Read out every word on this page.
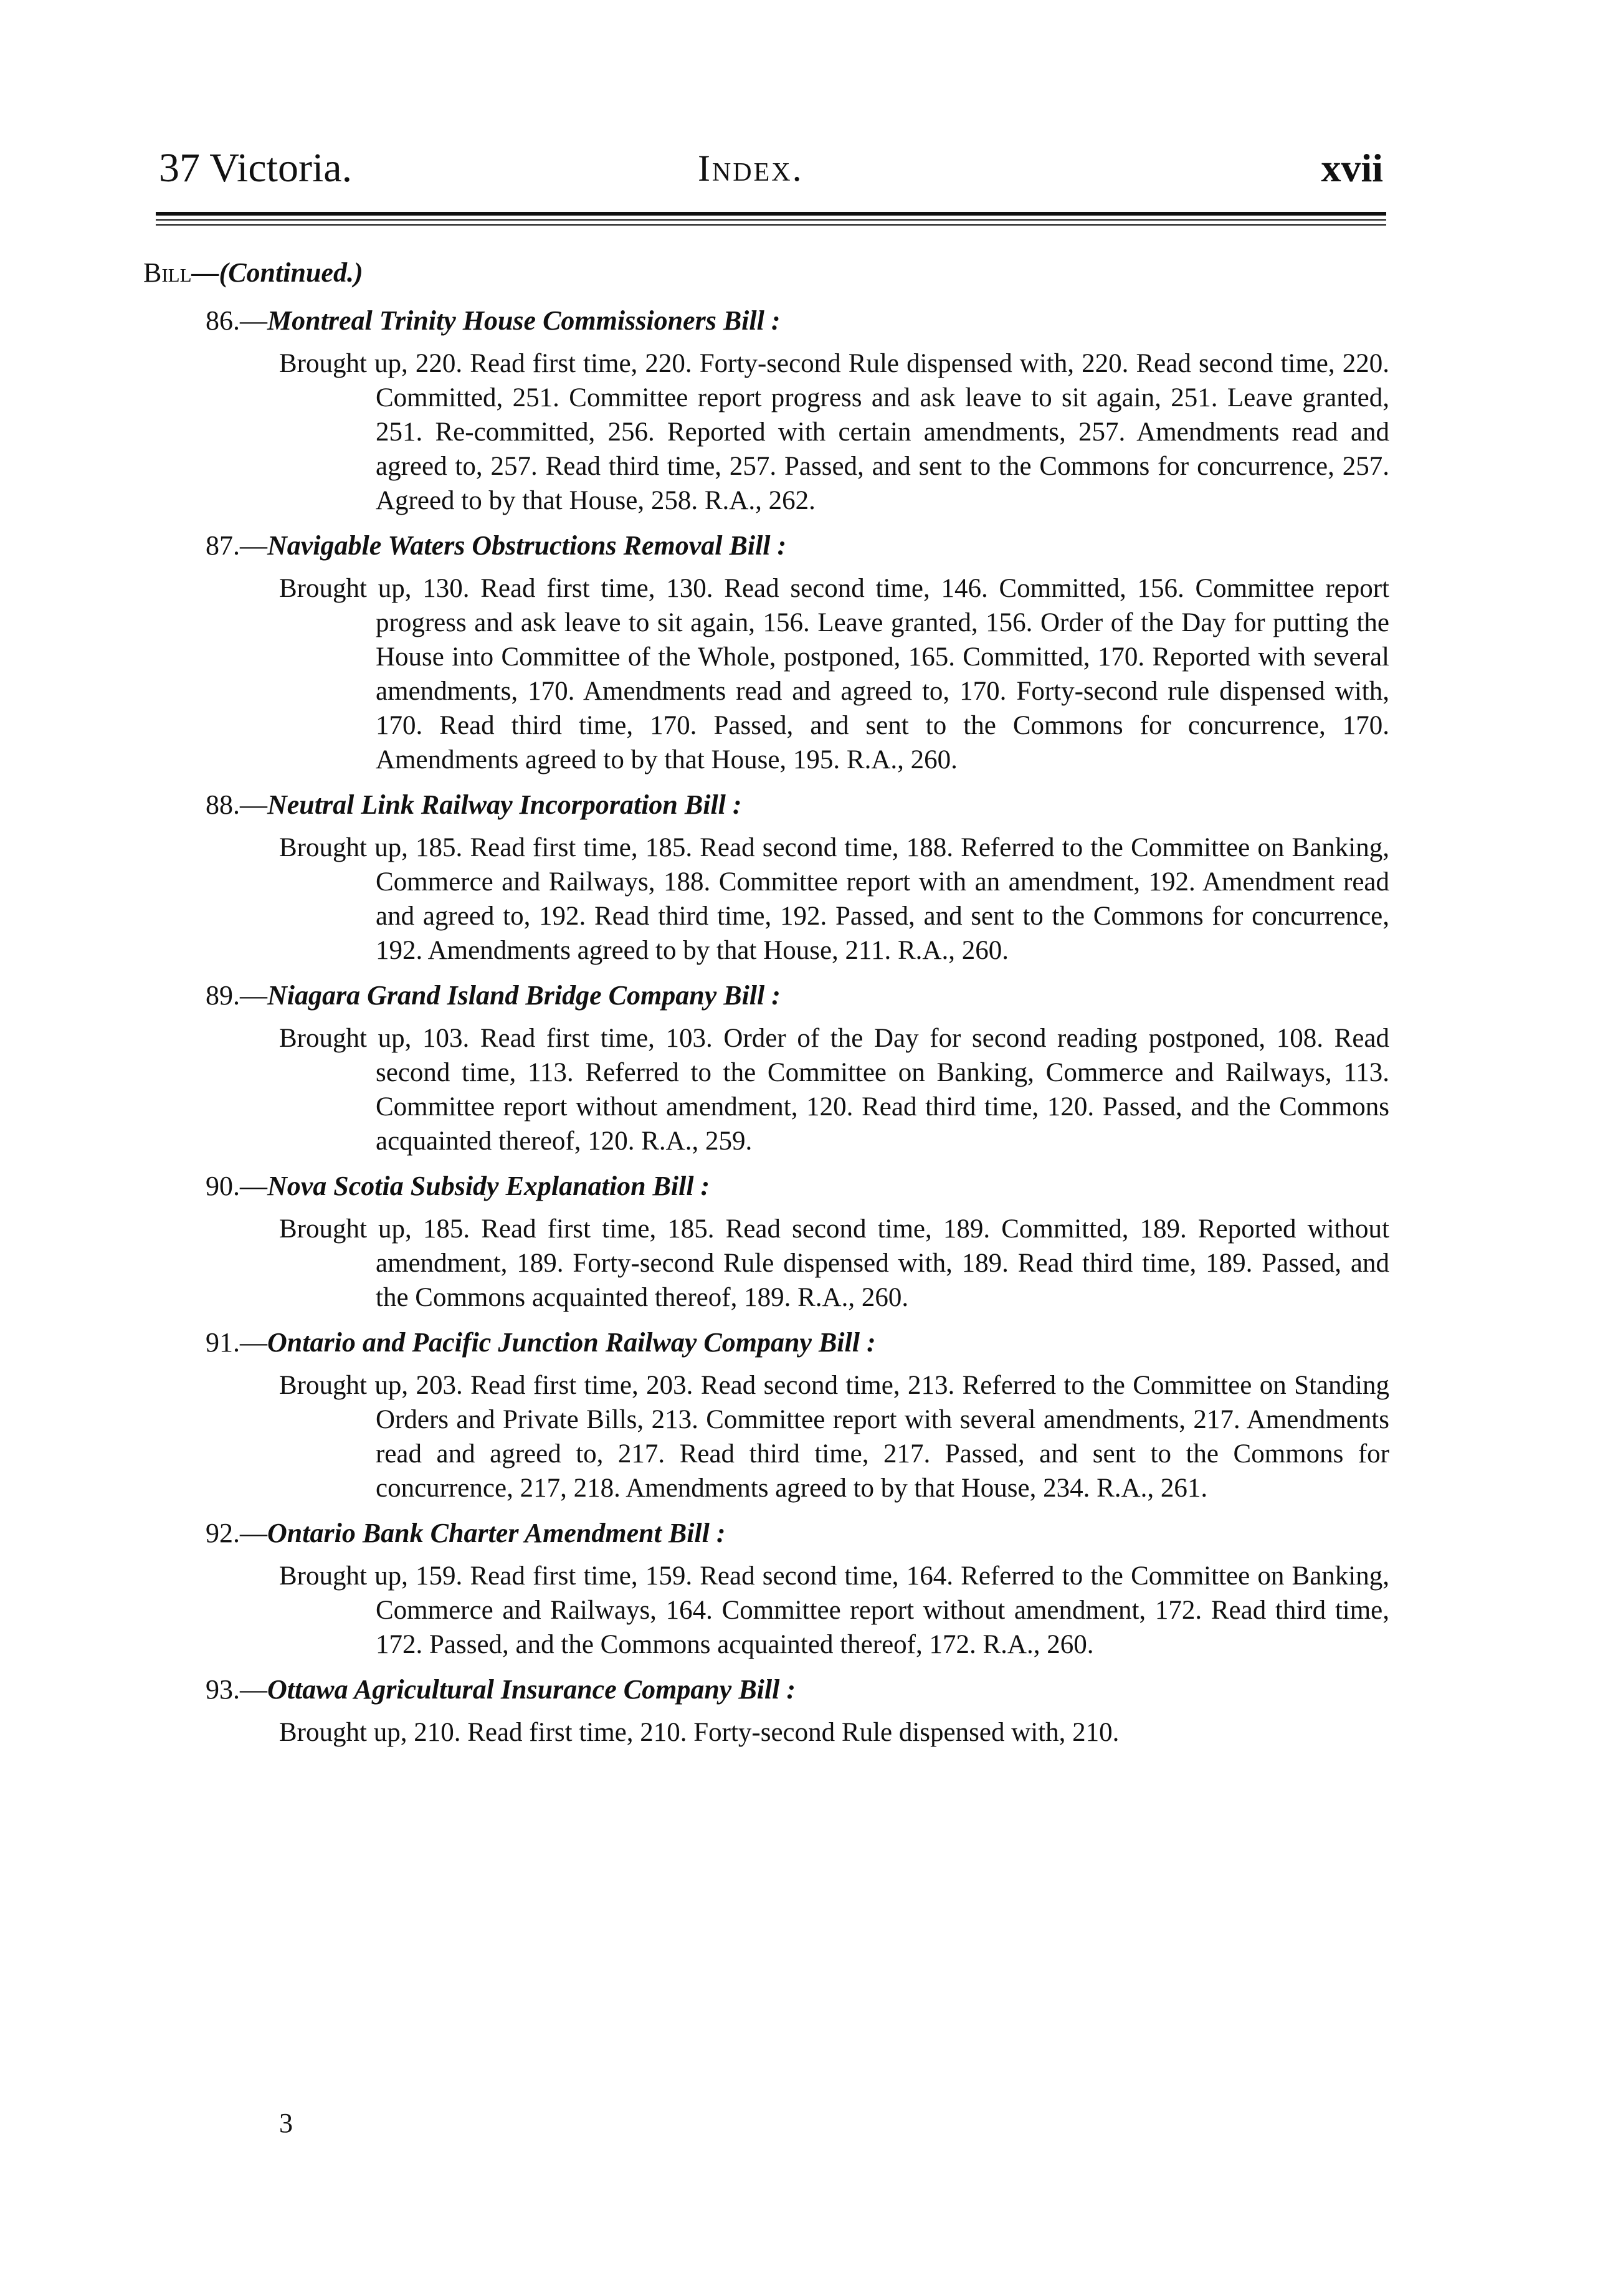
37 Victoria.	Index.	xvii
Bill—(Continued.)
86.—Montreal Trinity House Commissioners Bill :
Brought up, 220. Read first time, 220. Forty-second Rule dispensed with, 220. Read second time, 220. Committed, 251. Committee report progress and ask leave to sit again, 251. Leave granted, 251. Re-committed, 256. Reported with certain amendments, 257. Amendments read and agreed to, 257. Read third time, 257. Passed, and sent to the Commons for concurrence, 257. Agreed to by that House, 258. R.A., 262.
87.—Navigable Waters Obstructions Removal Bill :
Brought up, 130. Read first time, 130. Read second time, 146. Committed, 156. Committee report progress and ask leave to sit again, 156. Leave granted, 156. Order of the Day for putting the House into Committee of the Whole, postponed, 165. Committed, 170. Reported with several amendments, 170. Amendments read and agreed to, 170. Forty-second rule dispensed with, 170. Read third time, 170. Passed, and sent to the Commons for concurrence, 170. Amendments agreed to by that House, 195. R.A., 260.
88.—Neutral Link Railway Incorporation Bill :
Brought up, 185. Read first time, 185. Read second time, 188. Referred to the Committee on Banking, Commerce and Railways, 188. Committee report with an amendment, 192. Amendment read and agreed to, 192. Read third time, 192. Passed, and sent to the Commons for concurrence, 192. Amendments agreed to by that House, 211. R.A., 260.
89.—Niagara Grand Island Bridge Company Bill :
Brought up, 103. Read first time, 103. Order of the Day for second reading postponed, 108. Read second time, 113. Referred to the Committee on Banking, Commerce and Railways, 113. Committee report without amendment, 120. Read third time, 120. Passed, and the Commons acquainted thereof, 120. R.A., 259.
90.—Nova Scotia Subsidy Explanation Bill :
Brought up, 185. Read first time, 185. Read second time, 189. Committed, 189. Reported without amendment, 189. Forty-second Rule dispensed with, 189. Read third time, 189. Passed, and the Commons acquainted thereof, 189. R.A., 260.
91.—Ontario and Pacific Junction Railway Company Bill :
Brought up, 203. Read first time, 203. Read second time, 213. Referred to the Committee on Standing Orders and Private Bills, 213. Committee report with several amendments, 217. Amendments read and agreed to, 217. Read third time, 217. Passed, and sent to the Commons for concurrence, 217, 218. Amendments agreed to by that House, 234. R.A., 261.
92.—Ontario Bank Charter Amendment Bill :
Brought up, 159. Read first time, 159. Read second time, 164. Referred to the Committee on Banking, Commerce and Railways, 164. Committee report without amendment, 172. Read third time, 172. Passed, and the Commons acquainted thereof, 172. R.A., 260.
93.—Ottawa Agricultural Insurance Company Bill :
Brought up, 210. Read first time, 210. Forty-second Rule dispensed with, 210.
3
